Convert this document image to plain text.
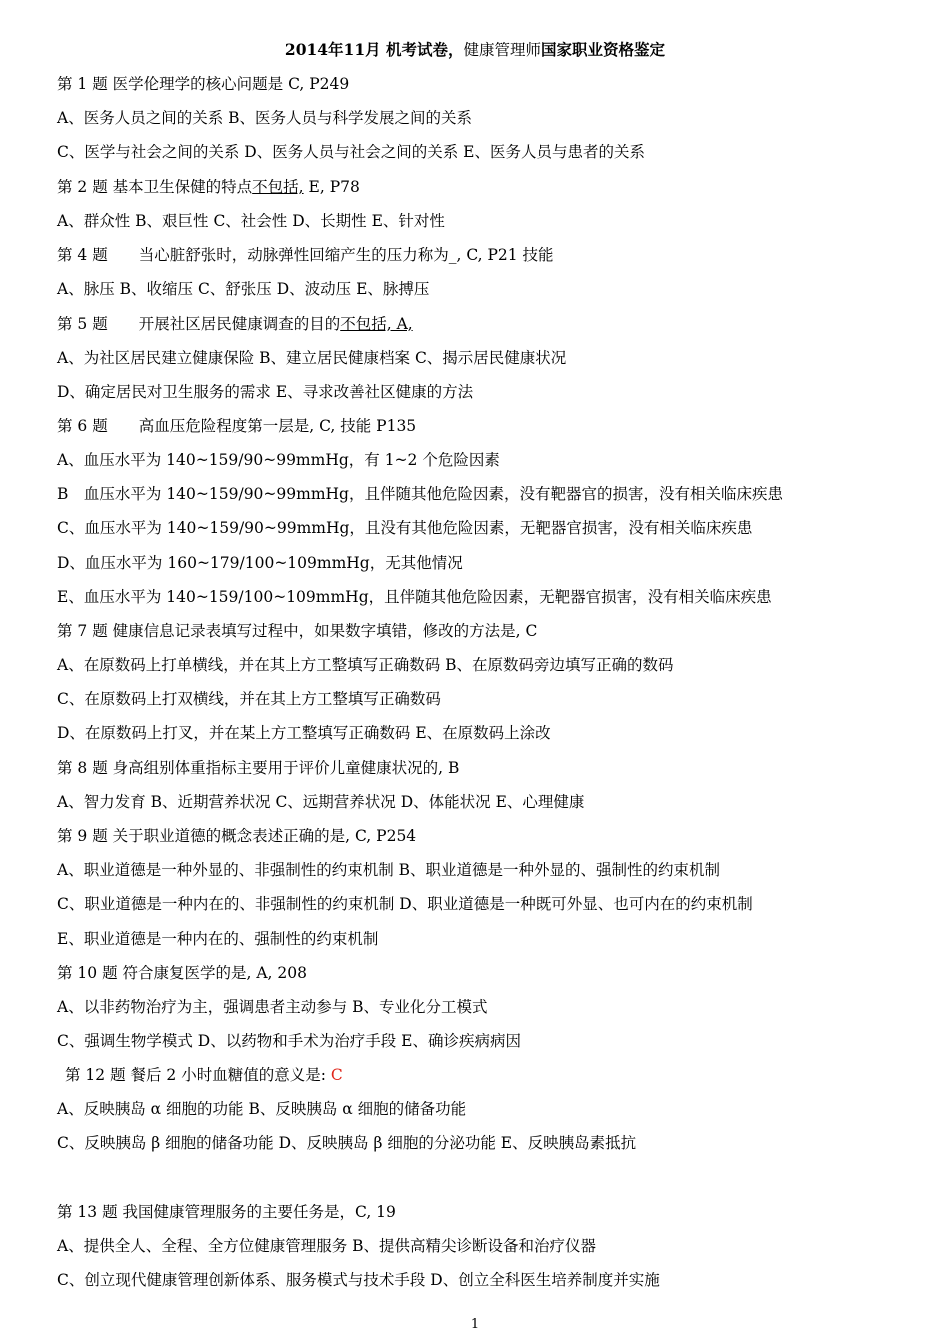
2014年11月 机考试卷，健康管理师国家职业资格鉴定
第 1 题 医学伦理学的核心问题是 C, P249
A、医务人员之间的关系 B、医务人员与科学发展之间的关系
C、医学与社会之间的关系 D、医务人员与社会之间的关系 E、医务人员与患者的关系
第 2 题 基本卫生保健的特点不包括, E, P78
A、群众性 B、艰巨性 C、社会性 D、长期性 E、针对性
第 4 题　　当心脏舒张时，动脉弹性回缩产生的压力称为_, C, P21 技能
A、脉压 B、收缩压 C、舒张压 D、波动压 E、脉搏压
第 5 题　　开展社区居民健康调查的目的不包括, A,
A、为社区居民建立健康保险 B、建立居民健康档案 C、揭示居民健康状况
D、确定居民对卫生服务的需求 E、寻求改善社区健康的方法
第 6 题　　高血压危险程度第一层是, C, 技能 P135
A、血压水平为 140~159/90~99mmHg，有 1~2 个危险因素
B　血压水平为 140~159/90~99mmHg，且伴随其他危险因素，没有靶器官的损害，没有相关临床疾患
C、血压水平为 140~159/90~99mmHg，且没有其他危险因素，无靶器官损害，没有相关临床疾患
D、血压水平为 160~179/100~109mmHg，无其他情况
E、血压水平为 140~159/100~109mmHg，且伴随其他危险因素，无靶器官损害，没有相关临床疾患
第 7 题 健康信息记录表填写过程中，如果数字填错，修改的方法是, C
A、在原数码上打单横线，并在其上方工整填写正确数码 B、在原数码旁边填写正确的数码
C、在原数码上打双横线，并在其上方工整填写正确数码
D、在原数码上打叉，并在某上方工整填写正确数码 E、在原数码上涂改
第 8 题 身高组别体重指标主要用于评价儿童健康状况的, B
A、智力发育 B、近期营养状况 C、远期营养状况 D、体能状况 E、心理健康
第 9 题 关于职业道德的概念表述正确的是, C, P254
A、职业道德是一种外显的、非强制性的约束机制 B、职业道德是一种外显的、强制性的约束机制
C、职业道德是一种内在的、非强制性的约束机制 D、职业道德是一种既可外显、也可内在的约束机制
E、职业道德是一种内在的、强制性的约束机制
第 10 题 符合康复医学的是, A, 208
A、以非药物治疗为主，强调患者主动参与 B、专业化分工模式
C、强调生物学模式 D、以药物和手术为治疗手段 E、确诊疾病病因
第 12 题 餐后 2 小时血糖值的意义是: C
A、反映胰岛 α 细胞的功能 B、反映胰岛 α 细胞的储备功能
C、反映胰岛 β 细胞的储备功能 D、反映胰岛 β 细胞的分泌功能 E、反映胰岛素抵抗
第 13 题 我国健康管理服务的主要任务是，C, 19
A、提供全人、全程、全方位健康管理服务 B、提供高精尖诊断设备和治疗仪器
C、创立现代健康管理创新体系、服务模式与技术手段 D、创立全科医生培养制度并实施
1
